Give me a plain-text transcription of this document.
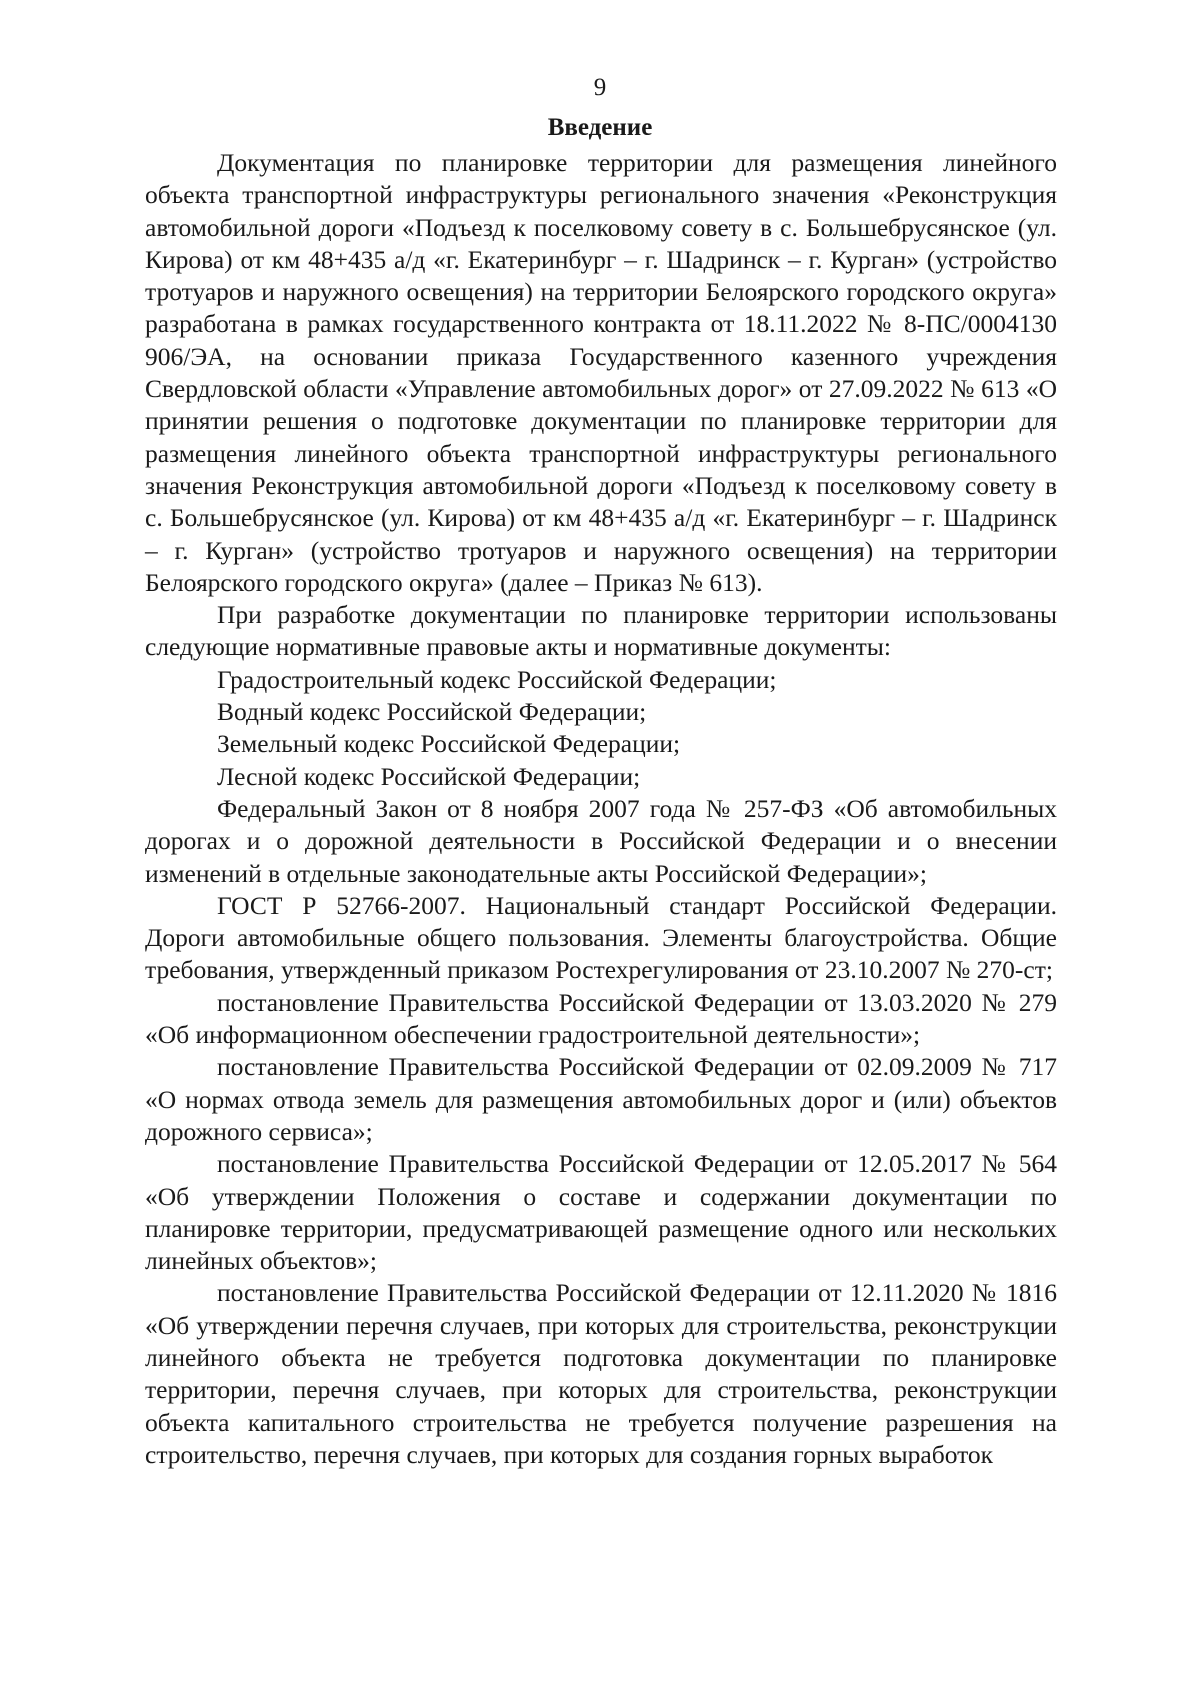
9
Введение

Документация по планировке территории для размещения линейного объекта транспортной инфраструктуры регионального значения «Реконструкция автомобильной дороги «Подъезд к поселковому совету в с. Большебрусянское (ул. Кирова) от км 48+435 а/д «г. Екатеринбург – г. Шадринск – г. Курган» (устройство тротуаров и наружного освещения) на территории Белоярского городского округа» разработана в рамках государственного контракта от 18.11.2022 № 8-ПС/0004130 906/ЭА, на основании приказа Государственного казенного учреждения Свердловской области «Управление автомобильных дорог» от 27.09.2022 № 613 «О принятии решения о подготовке документации по планировке территории для размещения линейного объекта транспортной инфраструктуры регионального значения Реконструкция автомобильной дороги «Подъезд к поселковому совету в с. Большебрусянское (ул. Кирова) от км 48+435 а/д «г. Екатеринбург – г. Шадринск – г. Курган» (устройство тротуаров и наружного освещения) на территории Белоярского городского округа» (далее – Приказ № 613).

При разработке документации по планировке территории использованы следующие нормативные правовые акты и нормативные документы:

Градостроительный кодекс Российской Федерации;

Водный кодекс Российской Федерации;

Земельный кодекс Российской Федерации;

Лесной кодекс Российской Федерации;

Федеральный Закон от 8 ноября 2007 года № 257-ФЗ «Об автомобильных дорогах и о дорожной деятельности в Российской Федерации и о внесении изменений в отдельные законодательные акты Российской Федерации»;

ГОСТ Р 52766-2007. Национальный стандарт Российской Федерации. Дороги автомобильные общего пользования. Элементы благоустройства. Общие требования, утвержденный приказом Ростехрегулирования от 23.10.2007 № 270-ст;

постановление Правительства Российской Федерации от 13.03.2020 № 279 «Об информационном обеспечении градостроительной деятельности»;

постановление Правительства Российской Федерации от 02.09.2009 № 717 «О нормах отвода земель для размещения автомобильных дорог и (или) объектов дорожного сервиса»;

постановление Правительства Российской Федерации от 12.05.2017 № 564 «Об утверждении Положения о составе и содержании документации по планировке территории, предусматривающей размещение одного или нескольких линейных объектов»;

постановление Правительства Российской Федерации от 12.11.2020 № 1816 «Об утверждении перечня случаев, при которых для строительства, реконструкции линейного объекта не требуется подготовка документации по планировке территории, перечня случаев, при которых для строительства, реконструкции объекта капитального строительства не требуется получение разрешения на строительство, перечня случаев, при которых для создания горных выработок
